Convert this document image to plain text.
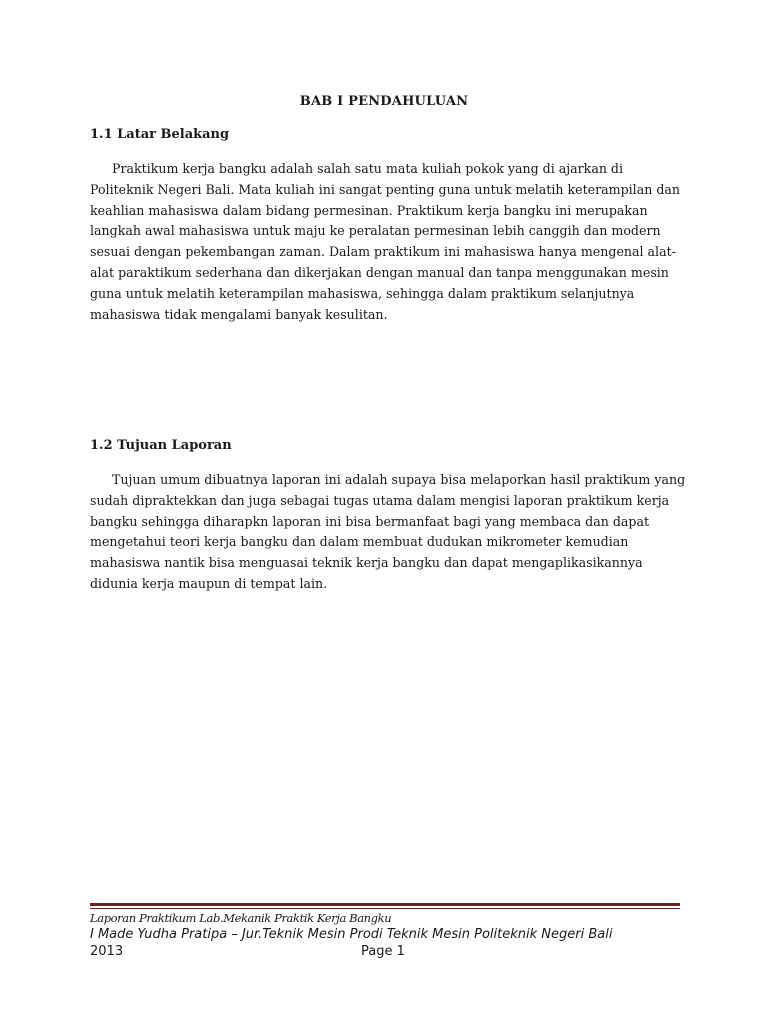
BAB I PENDAHULUAN
1.1 Latar Belakang

Praktikum kerja bangku adalah salah satu mata kuliah pokok yang di ajarkan di Politeknik Negeri Bali. Mata kuliah ini sangat penting guna untuk melatih keterampilan dan keahlian mahasiswa dalam bidang permesinan. Praktikum kerja bangku ini merupakan langkah awal mahasiswa untuk maju ke peralatan permesinan lebih canggih dan modern sesuai dengan pekembangan zaman. Dalam praktikum ini mahasiswa hanya mengenal alat-alat paraktikum sederhana dan dikerjakan dengan manual dan tanpa menggunakan mesin guna untuk melatih keterampilan mahasiswa, sehingga dalam praktikum selanjutnya mahasiswa tidak mengalami banyak kesulitan.

1.2 Tujuan Laporan

Tujuan umum dibuatnya laporan ini adalah supaya bisa melaporkan hasil praktikum yang sudah dipraktekkan dan juga sebagai tugas utama dalam mengisi laporan praktikum kerja bangku sehingga diharapkn laporan ini bisa bermanfaat bagi yang membaca dan dapat mengetahui teori kerja bangku dan dalam membuat dudukan mikrometer kemudian mahasiswa nantik bisa menguasai teknik kerja bangku dan dapat mengaplikasikannya didunia kerja maupun di tempat lain.

Laporan Praktikum Lab.Mekanik Praktik Kerja Bangku
I Made Yudha Pratipa – Jur.Teknik Mesin Prodi Teknik Mesin Politeknik Negeri Bali
2013	Page 1
